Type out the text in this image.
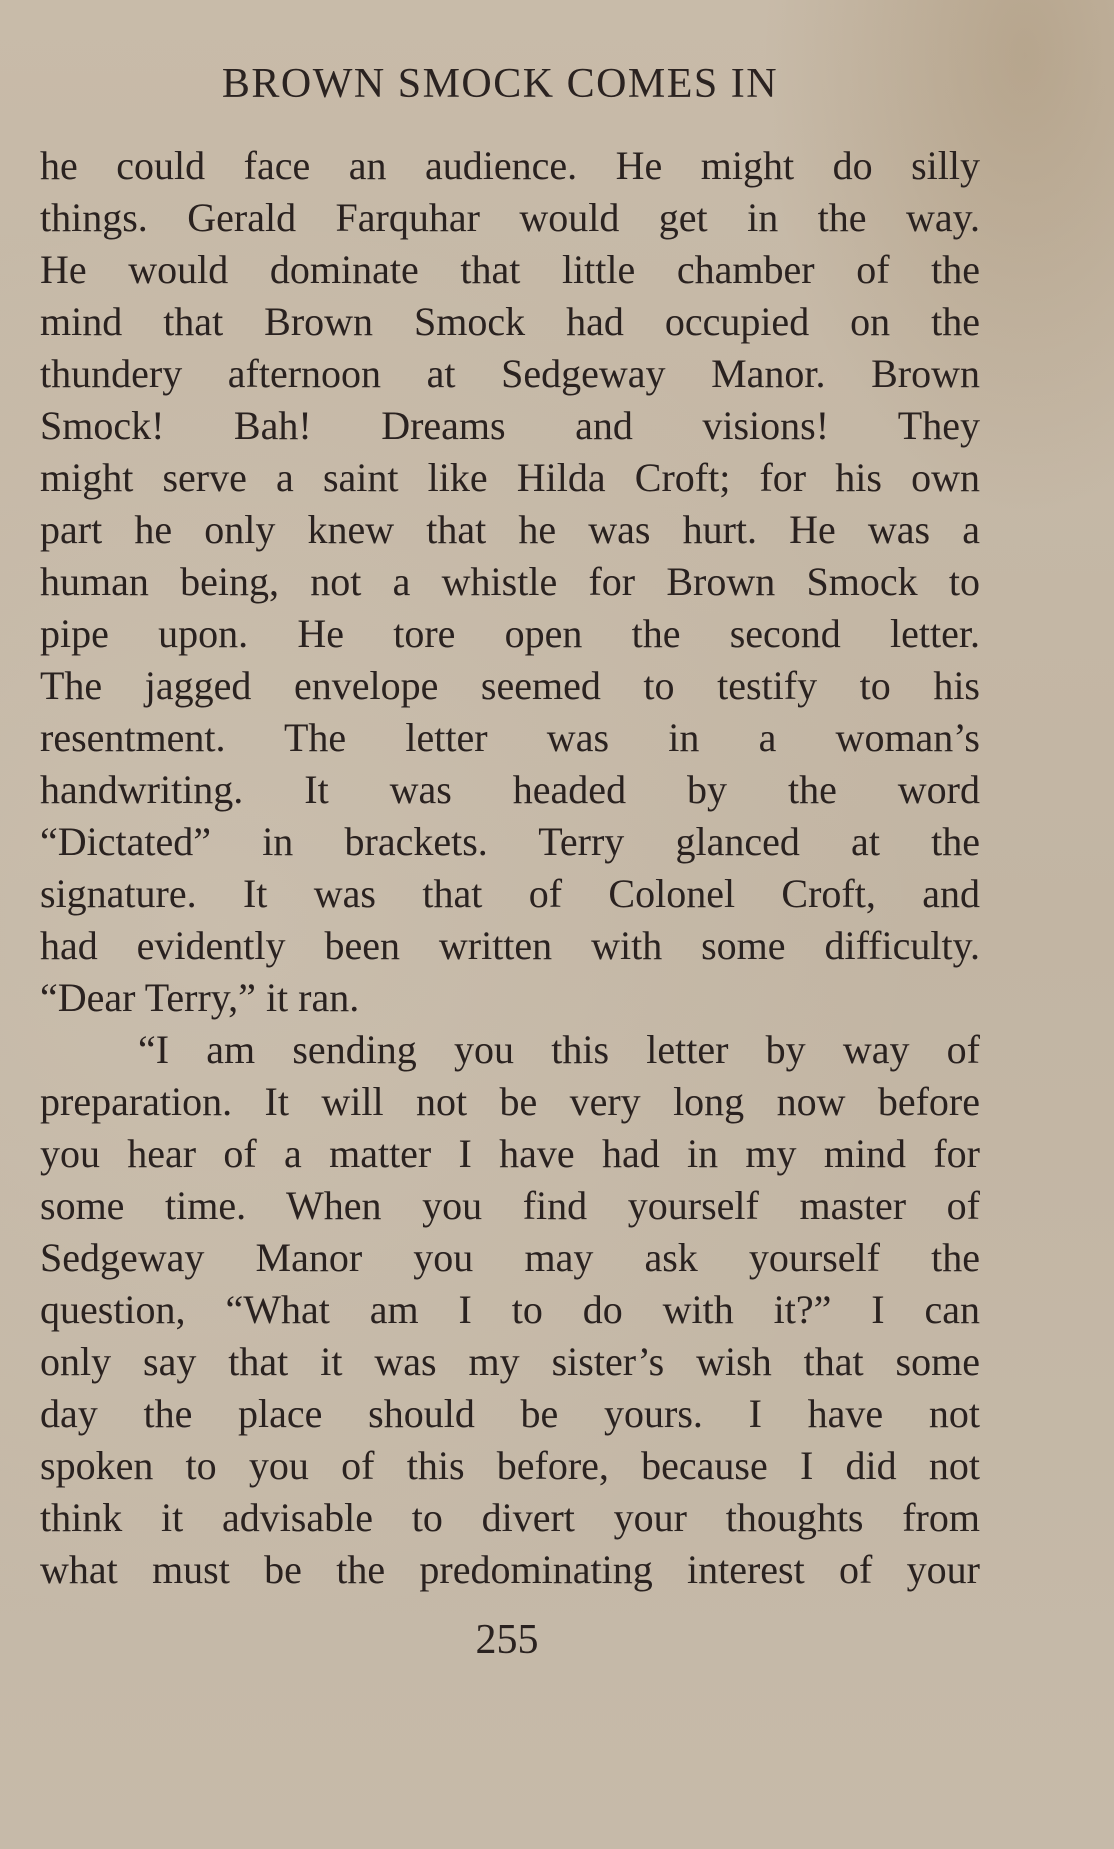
BROWN SMOCK COMES IN
he could face an audience. He might do silly
things. Gerald Farquhar would get in the way.
He would dominate that little chamber of the
mind that Brown Smock had occupied on the
thundery afternoon at Sedgeway Manor. Brown
Smock! Bah! Dreams and visions! They
might serve a saint like Hilda Croft; for his own
part he only knew that he was hurt. He was a
human being, not a whistle for Brown Smock to
pipe upon. He tore open the second letter.
The jagged envelope seemed to testify to his
resentment. The letter was in a woman’s
handwriting. It was headed by the word
“Dictated” in brackets. Terry glanced at the
signature. It was that of Colonel Croft, and
had evidently been written with some difficulty.
“Dear Terry,” it ran.
“I am sending you this letter by way of
preparation. It will not be very long now before
you hear of a matter I have had in my mind for
some time. When you find yourself master of
Sedgeway Manor you may ask yourself the
question, “What am I to do with it?” I can
only say that it was my sister’s wish that some
day the place should be yours. I have not
spoken to you of this before, because I did not
think it advisable to divert your thoughts from
what must be the predominating interest of your
255
